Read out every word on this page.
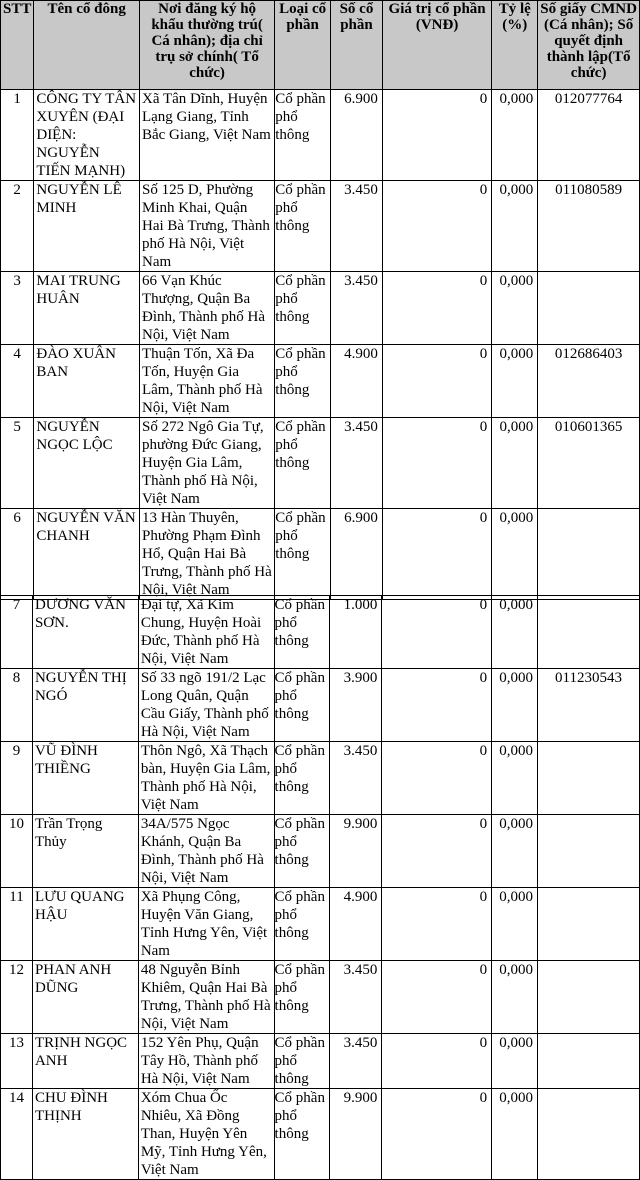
STT	Tên cổ đông	Nơi đăng ký hộ khẩu thường trú( Cá nhân); địa chỉ trụ sở chính( Tổ chức)	Loại cổ phần	Số cổ phần	Giá trị cổ phần (VNĐ)	Tỷ lệ (%)	Số giấy CMND (Cá nhân); Số quyết định thành lập(Tổ chức)
1	CÔNG TY TÂN XUYÊN (ĐẠI DIỆN: NGUYỄN TIẾN MẠNH)	Xã Tân Dĩnh, Huyện Lạng Giang, Tỉnh Bắc Giang, Việt Nam	Cổ phần phổ thông	6.900	0	0,000	012077764
2	NGUYỄN LÊ MINH	Số 125 D, Phường Minh Khai, Quận Hai Bà Trưng, Thành phố Hà Nội, Việt Nam	Cổ phần phổ thông	3.450	0	0,000	011080589
3	MAI TRUNG HUÂN	66 Vạn Khúc Thượng, Quận Ba Đình, Thành phố Hà Nội, Việt Nam	Cổ phần phổ thông	3.450	0	0,000	
4	ĐÀO XUÂN BAN	Thuận Tốn, Xã Đa Tốn, Huyện Gia Lâm, Thành phố Hà Nội, Việt Nam	Cổ phần phổ thông	4.900	0	0,000	012686403
5	NGUYỄN NGỌC LỘC	Số 272 Ngô Gia Tự, phường Đức Giang, Huyện Gia Lâm, Thành phố Hà Nội, Việt Nam	Cổ phần phổ thông	3.450	0	0,000	010601365
6	NGUYỄN VĂN CHANH	13 Hàn Thuyên, Phường Phạm Đình Hổ, Quận Hai Bà Trưng, Thành phố Hà Nội, Việt Nam	Cổ phần phổ thông	6.900	0	0,000	
7	DƯƠNG VĂN SƠN.	Đại tự, Xã Kim Chung, Huyện Hoài Đức, Thành phố Hà Nội, Việt Nam	Cổ phần phổ thông	1.000	0	0,000	
8	NGUYỄN THỊ NGÓ	Số 33 ngõ 191/2 Lạc Long Quân, Quận Cầu Giấy, Thành phố Hà Nội, Việt Nam	Cổ phần phổ thông	3.900	0	0,000	011230543
9	VŨ ĐÌNH THIỀNG	Thôn Ngô, Xã Thạch bàn, Huyện Gia Lâm, Thành phố Hà Nội, Việt Nam	Cổ phần phổ thông	3.450	0	0,000	
10	Trần Trọng Thủy	34A/575 Ngọc Khánh, Quận Ba Đình, Thành phố Hà Nội, Việt Nam	Cổ phần phổ thông	9.900	0	0,000	
11	LƯU QUANG HẬU	Xã Phụng Công, Huyện Văn Giang, Tỉnh Hưng Yên, Việt Nam	Cổ phần phổ thông	4.900	0	0,000	
12	PHAN ANH DŨNG	48 Nguyễn Bỉnh Khiêm, Quận Hai Bà Trưng, Thành phố Hà Nội, Việt Nam	Cổ phần phổ thông	3.450	0	0,000	
13	TRỊNH NGỌC ANH	152 Yên Phụ, Quận Tây Hồ, Thành phố Hà Nội, Việt Nam	Cổ phần phổ thông	3.450	0	0,000	
14	CHU ĐÌNH THỊNH	Xóm Chua Ốc Nhiêu, Xã Đồng Than, Huyện Yên Mỹ, Tỉnh Hưng Yên, Việt Nam	Cổ phần phổ thông	9.900	0	0,000	
